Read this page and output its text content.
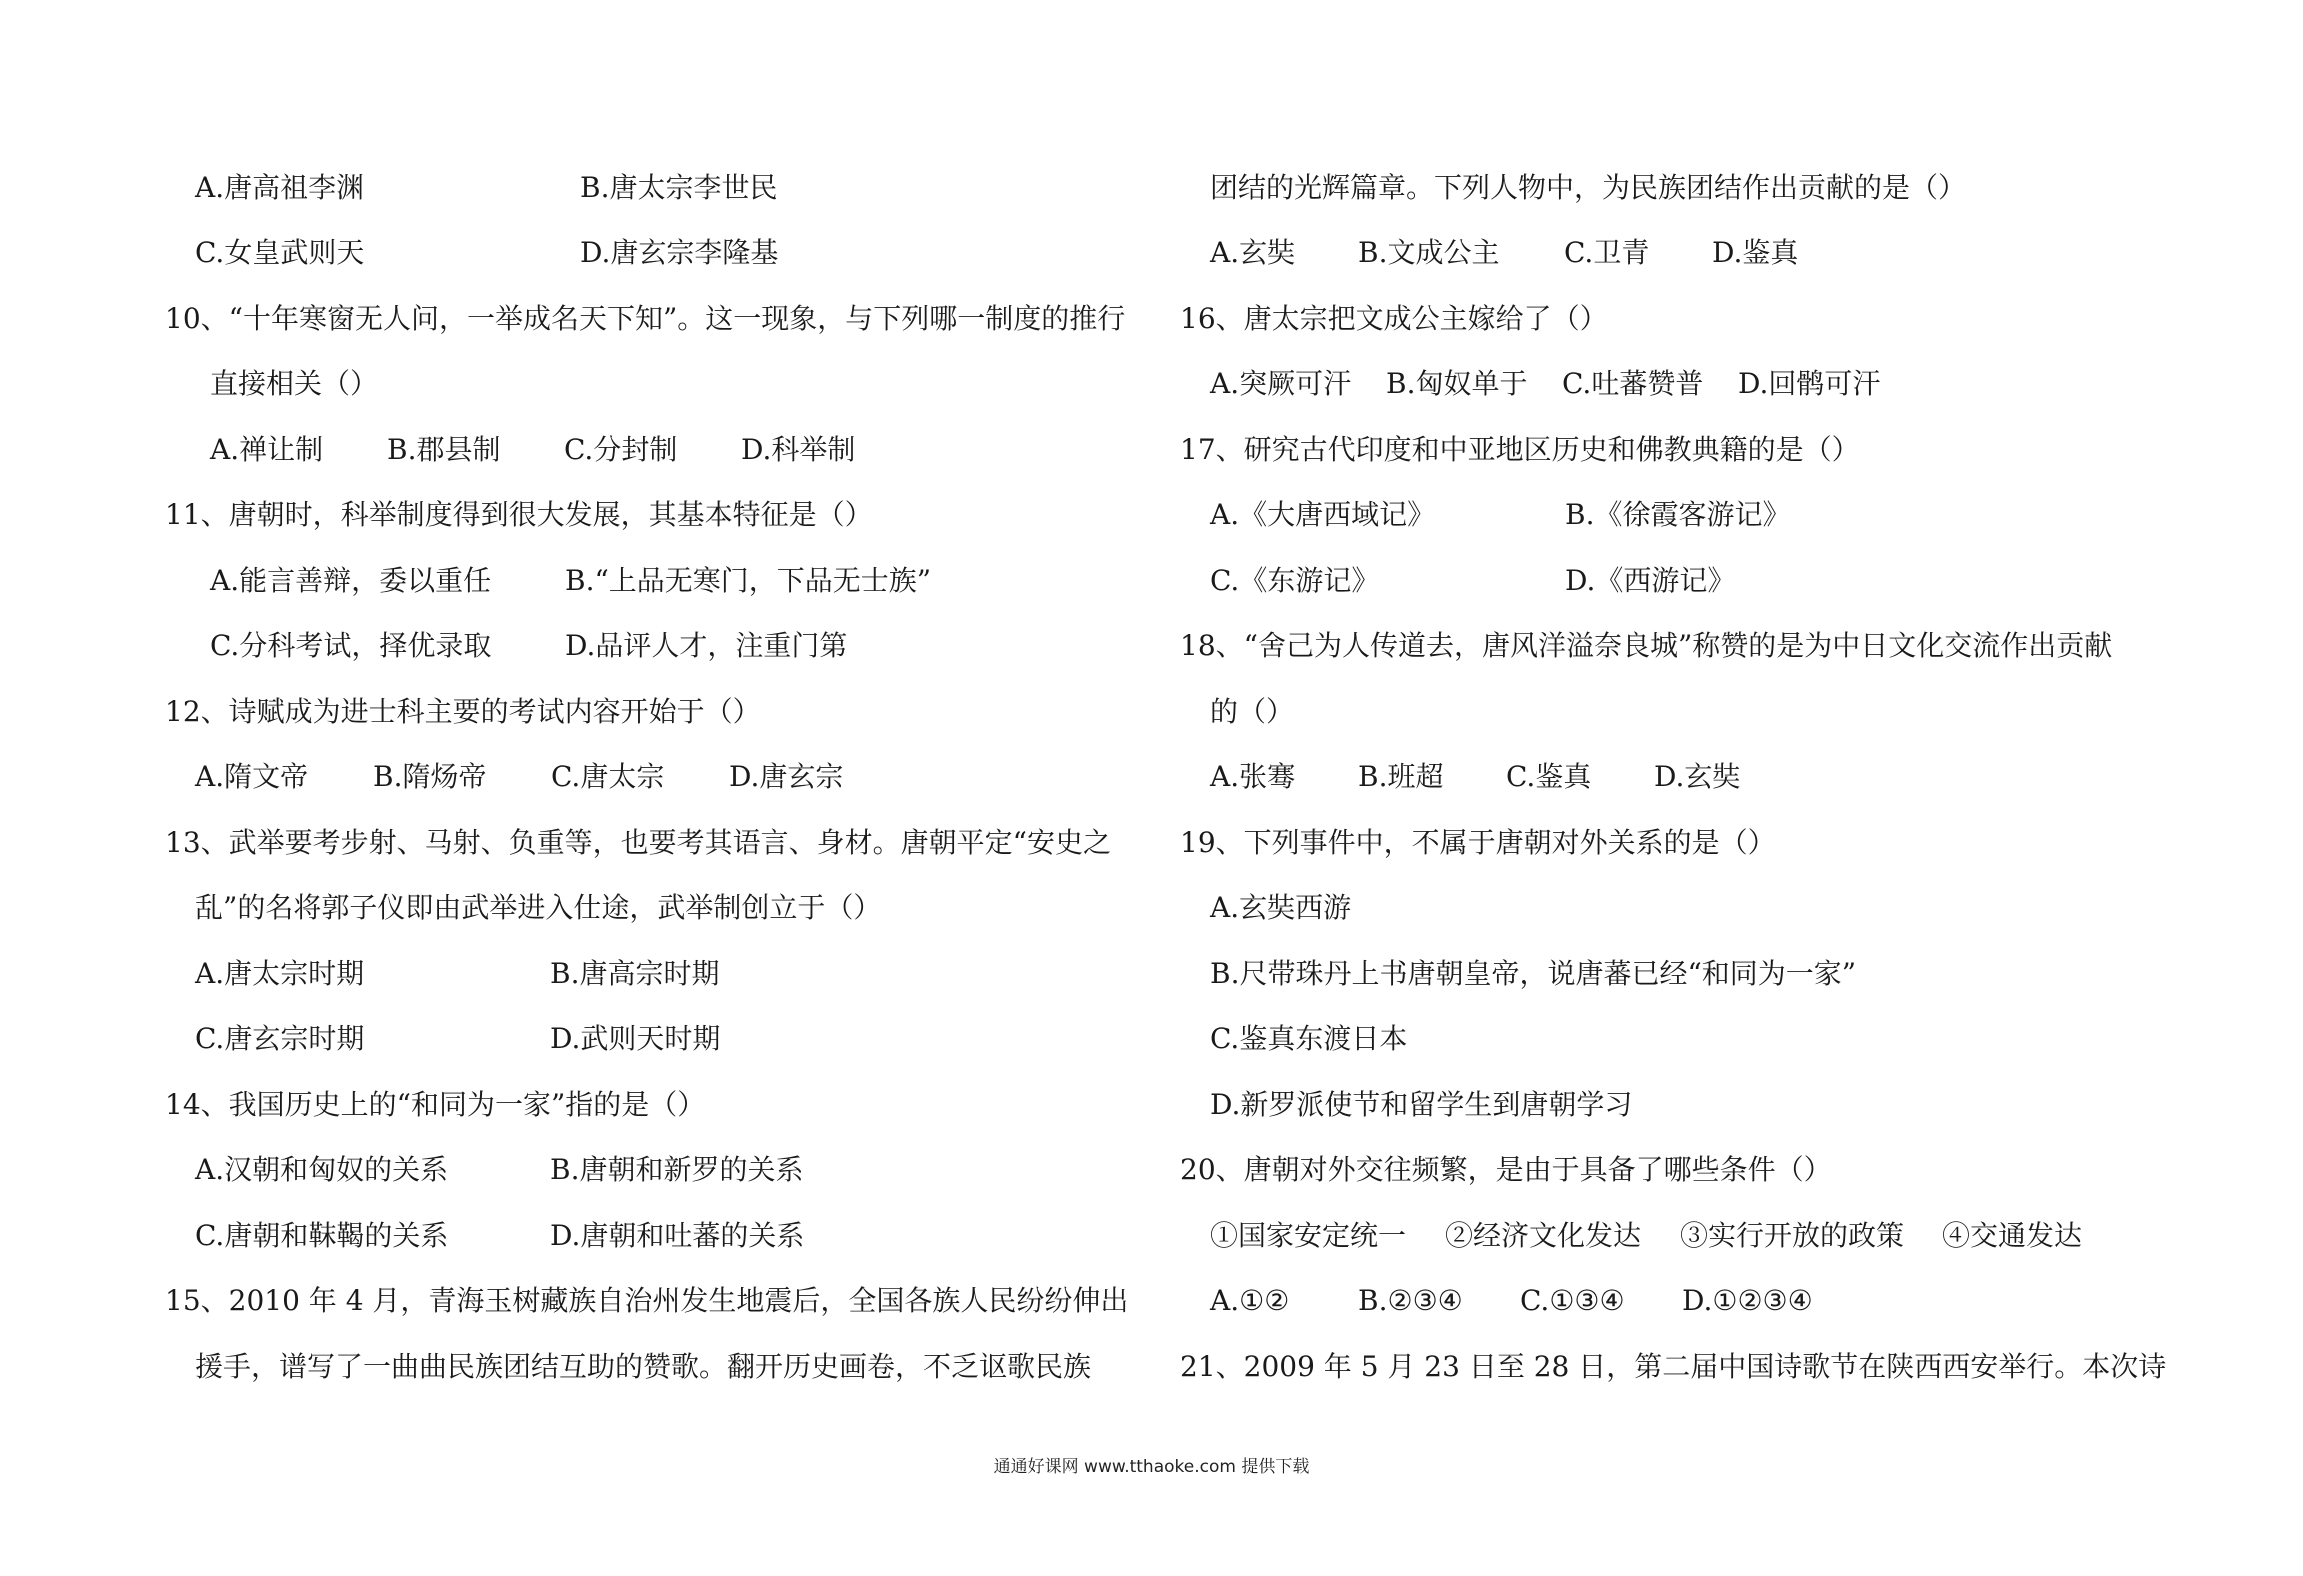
A.唐高祖李渊	B.唐太宗李世民
C.女皇武则天	D.唐玄宗李隆基
10、“十年寒窗无人问，一举成名天下知”。这一现象，与下列哪一制度的推行
直接相关（）
A.禅让制	B.郡县制	C.分封制	D.科举制
11、唐朝时，科举制度得到很大发展，其基本特征是（）
A.能言善辩，委以重任	B.“上品无寒门，下品无士族”
C.分科考试，择优录取	D.品评人才，注重门第
12、诗赋成为进士科主要的考试内容开始于（）
A.隋文帝	B.隋炀帝	C.唐太宗	D.唐玄宗
13、武举要考步射、马射、负重等，也要考其语言、身材。唐朝平定“安史之
乱”的名将郭子仪即由武举进入仕途，武举制创立于（）
A.唐太宗时期	B.唐高宗时期
C.唐玄宗时期	D.武则天时期
14、我国历史上的“和同为一家”指的是（）
A.汉朝和匈奴的关系	B.唐朝和新罗的关系
C.唐朝和靺鞨的关系	D.唐朝和吐蕃的关系
15、2010 年 4 月，青海玉树藏族自治州发生地震后，全国各族人民纷纷伸出
援手，谱写了一曲曲民族团结互助的赞歌。翻开历史画卷，不乏讴歌民族
团结的光辉篇章。下列人物中，为民族团结作出贡献的是（）
A.玄奘	B.文成公主	C.卫青	D.鉴真
16、唐太宗把文成公主嫁给了（）
A.突厥可汗	B.匈奴单于	C.吐蕃赞普	D.回鹘可汗
17、研究古代印度和中亚地区历史和佛教典籍的是（）
A.《大唐西域记》	B.《徐霞客游记》
C.《东游记》	D.《西游记》
18、“舍己为人传道去，唐风洋溢奈良城”称赞的是为中日文化交流作出贡献
的（）
A.张骞	B.班超	C.鉴真	D.玄奘
19、下列事件中，不属于唐朝对外关系的是（）
A.玄奘西游
B.尺带珠丹上书唐朝皇帝，说唐蕃已经“和同为一家”
C.鉴真东渡日本
D.新罗派使节和留学生到唐朝学习
20、唐朝对外交往频繁，是由于具备了哪些条件（）
①国家安定统一	②经济文化发达	③实行开放的政策	④交通发达
A.①②	B.②③④	C.①③④	D.①②③④
21、2009 年 5 月 23 日至 28 日，第二届中国诗歌节在陕西西安举行。本次诗
通通好课网 www.tthaoke.com 提供下载
